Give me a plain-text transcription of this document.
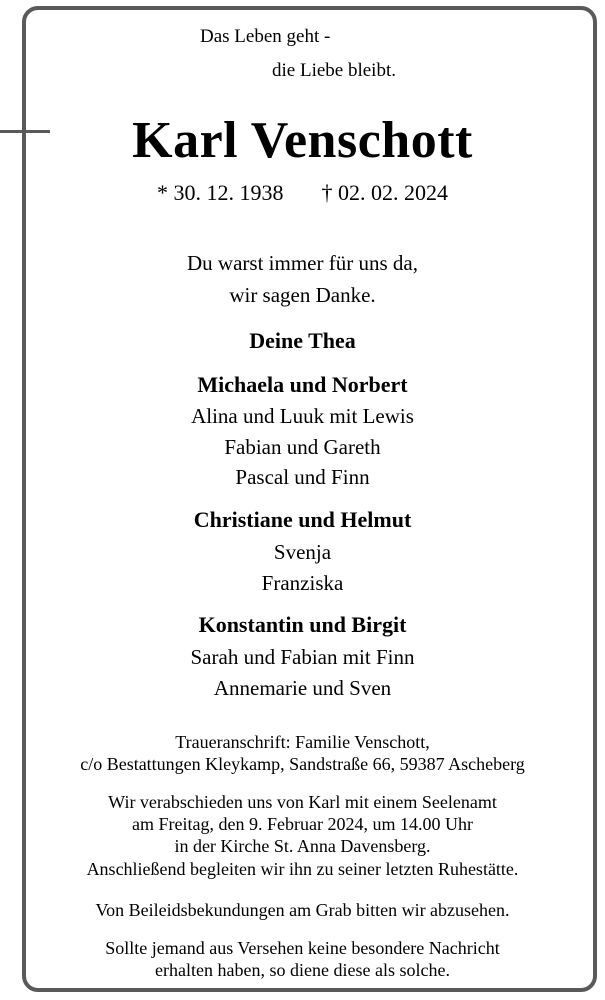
Das Leben geht -
die Liebe bleibt.
Karl Venschott
* 30. 12. 1938 † 02. 02. 2024
Du warst immer für uns da,
wir sagen Danke.
Deine Thea
Michaela und Norbert
Alina und Luuk mit Lewis
Fabian und Gareth
Pascal und Finn
Christiane und Helmut
Svenja
Franziska
Konstantin und Birgit
Sarah und Fabian mit Finn
Annemarie und Sven
Traueranschrift: Familie Venschott,
c/o Bestattungen Kleykamp, Sandstraße 66, 59387 Ascheberg
Wir verabschieden uns von Karl mit einem Seelenamt
am Freitag, den 9. Februar 2024, um 14.00 Uhr
in der Kirche St. Anna Davensberg.
Anschließend begleiten wir ihn zu seiner letzten Ruhestätte.
Von Beileidsbekundungen am Grab bitten wir abzusehen.
Sollte jemand aus Versehen keine besondere Nachricht
erhalten haben, so diene diese als solche.
